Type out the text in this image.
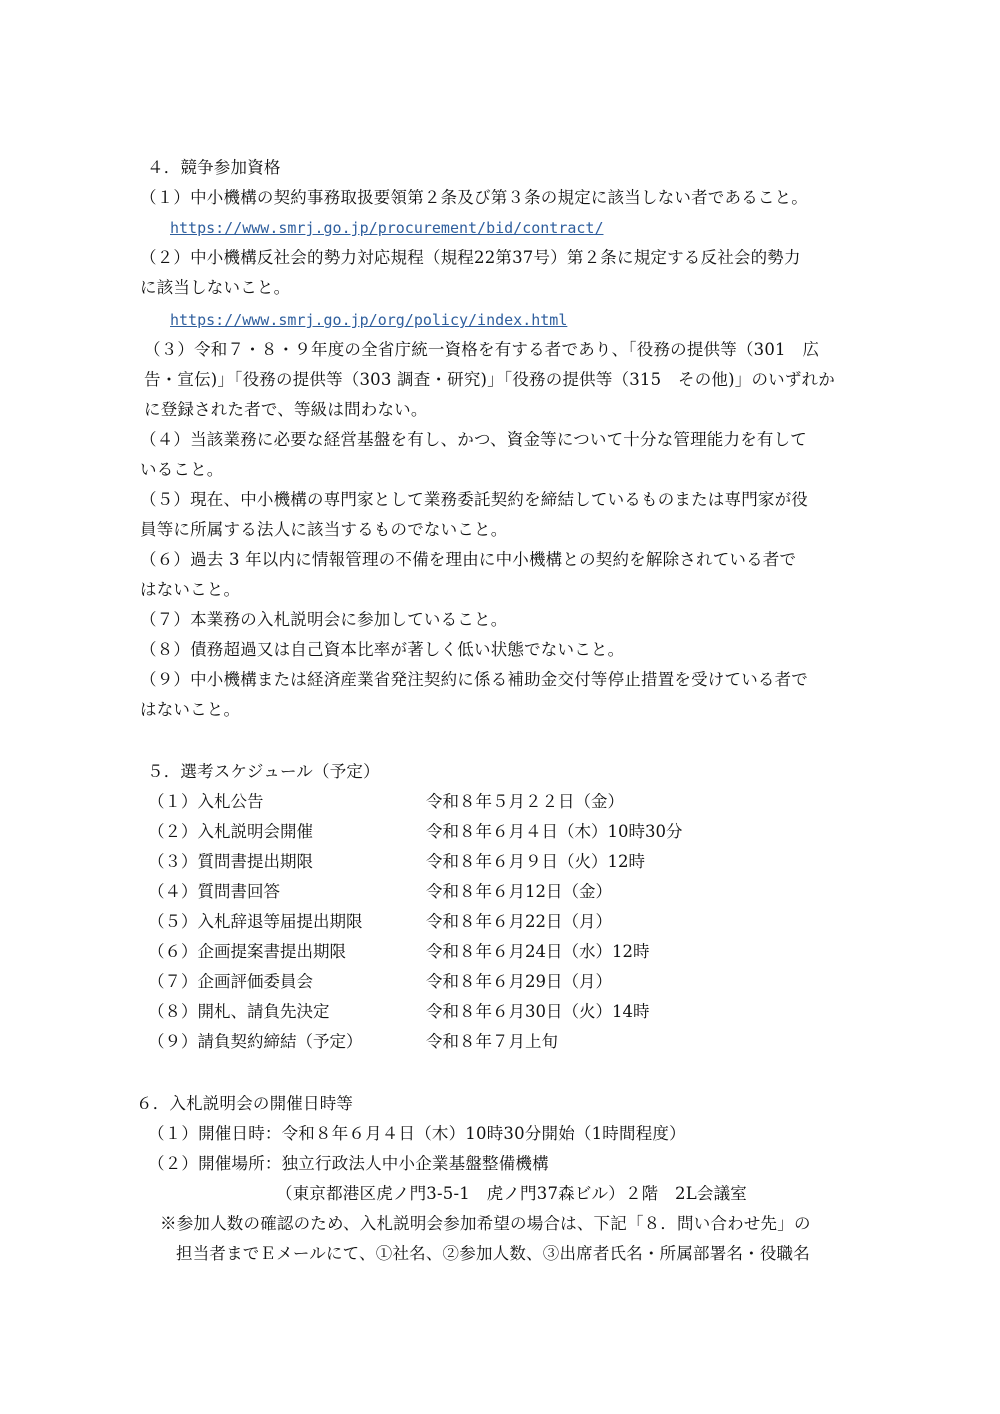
４．競争参加資格
（１）中小機構の契約事務取扱要領第２条及び第３条の規定に該当しない者であること。
https://www.smrj.go.jp/procurement/bid/contract/
（２）中小機構反社会的勢力対応規程（規程22第37号）第２条に規定する反社会的勢力
に該当しないこと。
https://www.smrj.go.jp/org/policy/index.html
（３）令和７・８・９年度の全省庁統一資格を有する者であり、「役務の提供等（301　広
告・宣伝)」「役務の提供等（303 調査・研究)」「役務の提供等（315　その他)」のいずれか
に登録された者で、等級は問わない。
（４）当該業務に必要な経営基盤を有し、かつ、資金等について十分な管理能力を有して
いること。
（５）現在、中小機構の専門家として業務委託契約を締結しているものまたは専門家が役
員等に所属する法人に該当するものでないこと。
（６）過去 3 年以内に情報管理の不備を理由に中小機構との契約を解除されている者で
はないこと。
（７）本業務の入札説明会に参加していること。
（８）債務超過又は自己資本比率が著しく低い状態でないこと。
（９）中小機構または経済産業省発注契約に係る補助金交付等停止措置を受けている者で
はないこと。
５．選考スケジュール（予定）
（１）入札公告	令和８年５月２２日（金）
（２）入札説明会開催	令和８年６月４日（木）10時30分
（３）質問書提出期限	令和８年６月９日（火）12時
（４）質問書回答	令和８年６月12日（金）
（５）入札辞退等届提出期限	令和８年６月22日（月）
（６）企画提案書提出期限	令和８年６月24日（水）12時
（７）企画評価委員会	令和８年６月29日（月）
（８）開札、請負先決定	令和８年６月30日（火）14時
（９）請負契約締結（予定）	令和８年７月上旬
６．入札説明会の開催日時等
（１）開催日時：令和８年６月４日（木）10時30分開始（1時間程度）
（２）開催場所：独立行政法人中小企業基盤整備機構
（東京都港区虎ノ門3-5-1　虎ノ門37森ビル）２階　2L会議室
※参加人数の確認のため、入札説明会参加希望の場合は、下記「８．問い合わせ先」の
担当者までＥメールにて、①社名、②参加人数、③出席者氏名・所属部署名・役職名
